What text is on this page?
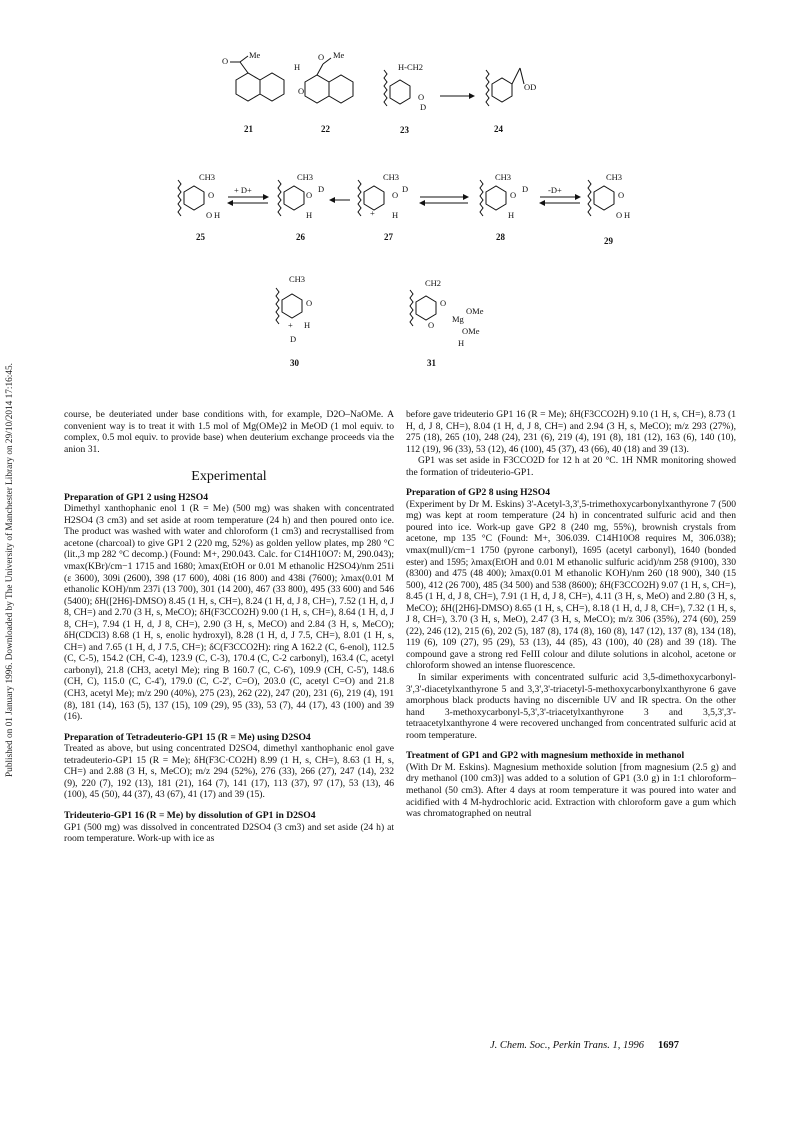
Published on 01 January 1996. Downloaded by The University of Manchester Library on 29/10/2014 17:16:45.
O
Me
21
H
O Me
O
22
H-CH2
O
D
23
OD
24
CH3
O
O H
25
+ D+
CH3
O
D
H
26
CH3
O
D
+ H
27
CH3
O
D
H
28
-D+
CH3
O
O H
29
CH3
O
+ H
D
30
CH2
O
Mg
OMe
OMe
H
O
31

course, be deuteriated under base conditions with, for example, D2O–NaOMe. A convenient way is to treat it with 1.5 mol of Mg(OMe)2 in MeOD (1 mol equiv. to complex, 0.5 mol equiv. to provide base) when deuterium exchange proceeds via the anion 31.

Experimental
Preparation of GP1 2 using H2SO4

Dimethyl xanthophanic enol 1 (R = Me) (500 mg) was shaken with concentrated H2SO4 (3 cm3) and set aside at room temperature (24 h) and then poured onto ice. The product was washed with water and chloroform (1 cm3) and recrystallised from acetone (charcoal) to give GP1 2 (220 mg, 52%) as golden yellow plates, mp 280 °C (lit.,3 mp 282 °C decomp.) (Found: M+, 290.043. Calc. for C14H10O7: M, 290.043); νmax(KBr)/cm−1 1715 and 1680; λmax(EtOH or 0.01 M ethanolic H2SO4)/nm 251i (ε 3600), 309i (2600), 398 (17 600), 408i (16 800) and 438i (7600); λmax(0.01 M ethanolic KOH)/nm 237i (13 700), 301 (14 200), 467 (33 800), 495 (33 600) and 546 (5400); δH([2H6]-DMSO) 8.45 (1 H, s, CH=), 8.24 (1 H, d, J 8, CH=), 7.52 (1 H, d, J 8, CH=) and 2.70 (3 H, s, MeCO); δH(F3CCO2H) 9.00 (1 H, s, CH=), 8.64 (1 H, d, J 8, CH=), 7.94 (1 H, d, J 8, CH=), 2.90 (3 H, s, MeCO) and 2.84 (3 H, s, MeCO); δH(CDCl3) 8.68 (1 H, s, enolic hydroxyl), 8.28 (1 H, d, J 7.5, CH=), 8.01 (1 H, s, CH=) and 7.65 (1 H, d, J 7.5, CH=); δC(F3CCO2H): ring A 162.2 (C, 6-enol), 112.5 (C, C-5), 154.2 (CH, C-4), 123.9 (C, C-3), 170.4 (C, C-2 carbonyl), 163.4 (C, acetyl carbonyl), 21.8 (CH3, acetyl Me); ring B 160.7 (C, C-6'), 109.9 (CH, C-5'), 148.6 (CH, C), 115.0 (C, C-4'), 179.0 (C, C-2', C=O), 203.0 (C, acetyl C=O) and 21.8 (CH3, acetyl Me); m/z 290 (40%), 275 (23), 262 (22), 247 (20), 231 (6), 219 (4), 191 (8), 181 (14), 163 (5), 137 (15), 109 (29), 95 (33), 53 (7), 44 (17), 43 (100) and 39 (16).

Preparation of Tetradeuterio-GP1 15 (R = Me) using D2SO4

Treated as above, but using concentrated D2SO4, dimethyl xanthophanic enol gave tetradeuterio-GP1 15 (R = Me); δH(F3C·CO2H) 8.99 (1 H, s, CH=), 8.63 (1 H, s, CH=) and 2.88 (3 H, s, MeCO); m/z 294 (52%), 276 (33), 266 (27), 247 (14), 232 (9), 220 (7), 192 (13), 181 (21), 164 (7), 141 (17), 113 (37), 97 (17), 53 (13), 46 (100), 45 (50), 44 (37), 43 (67), 41 (17) and 39 (15).

Trideuterio-GP1 16 (R = Me) by dissolution of GP1 in D2SO4

GP1 (500 mg) was dissolved in concentrated D2SO4 (3 cm3) and set aside (24 h) at room temperature. Work-up with ice as

before gave trideuterio GP1 16 (R = Me); δH(F3CCO2H) 9.10 (1 H, s, CH=), 8.73 (1 H, d, J 8, CH=), 8.04 (1 H, d, J 8, CH=) and 2.94 (3 H, s, MeCO); m/z 293 (27%), 275 (18), 265 (10), 248 (24), 231 (6), 219 (4), 191 (8), 181 (12), 163 (6), 140 (10), 112 (19), 96 (33), 53 (12), 46 (100), 45 (37), 43 (66), 40 (18) and 39 (13).

GP1 was set aside in F3CCO2D for 12 h at 20 °C. 1H NMR monitoring showed the formation of trideuterio-GP1.

Preparation of GP2 8 using H2SO4

(Experiment by Dr M. Eskins) 3'-Acetyl-3,3',5-trimethoxycarbonylxanthyrone 7 (500 mg) was kept at room temperature (24 h) in concentrated sulfuric acid and then poured into ice. Work-up gave GP2 8 (240 mg, 55%), brownish crystals from acetone, mp 135 °C (Found: M+, 306.039. C14H10O8 requires M, 306.038); νmax(mull)/cm−1 1750 (pyrone carbonyl), 1695 (acetyl carbonyl), 1640 (bonded ester) and 1595; λmax(EtOH and 0.01 M ethanolic sulfuric acid)/nm 258 (9100), 330 (8300) and 475 (48 400); λmax(0.01 M ethanolic KOH)/nm 260 (18 900), 340 (15 500), 412 (26 700), 485 (34 500) and 538 (8600); δH(F3CCO2H) 9.07 (1 H, s, CH=), 8.45 (1 H, d, J 8, CH=), 7.91 (1 H, d, J 8, CH=), 4.11 (3 H, s, MeO) and 2.80 (3 H, s, MeCO); δH([2H6]-DMSO) 8.65 (1 H, s, CH=), 8.18 (1 H, d, J 8, CH=), 7.32 (1 H, s, J 8, CH=), 3.70 (3 H, s, MeO), 2.47 (3 H, s, MeCO); m/z 306 (35%), 274 (60), 259 (22), 246 (12), 215 (6), 202 (5), 187 (8), 174 (8), 160 (8), 147 (12), 137 (8), 134 (18), 119 (6), 109 (27), 95 (29), 53 (13), 44 (85), 43 (100), 40 (28) and 39 (18). The compound gave a strong red FeIII colour and dilute solutions in alcohol, acetone or chloroform showed an intense fluorescence.

In similar experiments with concentrated sulfuric acid 3,5-dimethoxycarbonyl-3',3'-diacetylxanthyrone 5 and 3,3',3'-triacetyl-5-methoxycarbonylxanthyrone 6 gave amorphous black products having no discernible UV and IR spectra. On the other hand 3-methoxycarbonyl-5,3',3'-triacetylxanthyrone 3 and 3,5,3',3'-tetraacetylxanthyrone 4 were recovered unchanged from concentrated sulfuric acid at room temperature.

Treatment of GP1 and GP2 with magnesium methoxide in methanol

(With Dr M. Eskins). Magnesium methoxide solution [from magnesium (2.5 g) and dry methanol (100 cm3)] was added to a solution of GP1 (3.0 g) in 1:1 chloroform–methanol (50 cm3). After 4 days at room temperature it was poured into water and acidified with 4 M-hydrochloric acid. Extraction with chloroform gave a gum which was chromatographed on neutral

J. Chem. Soc., Perkin Trans. 1, 1996 1697
